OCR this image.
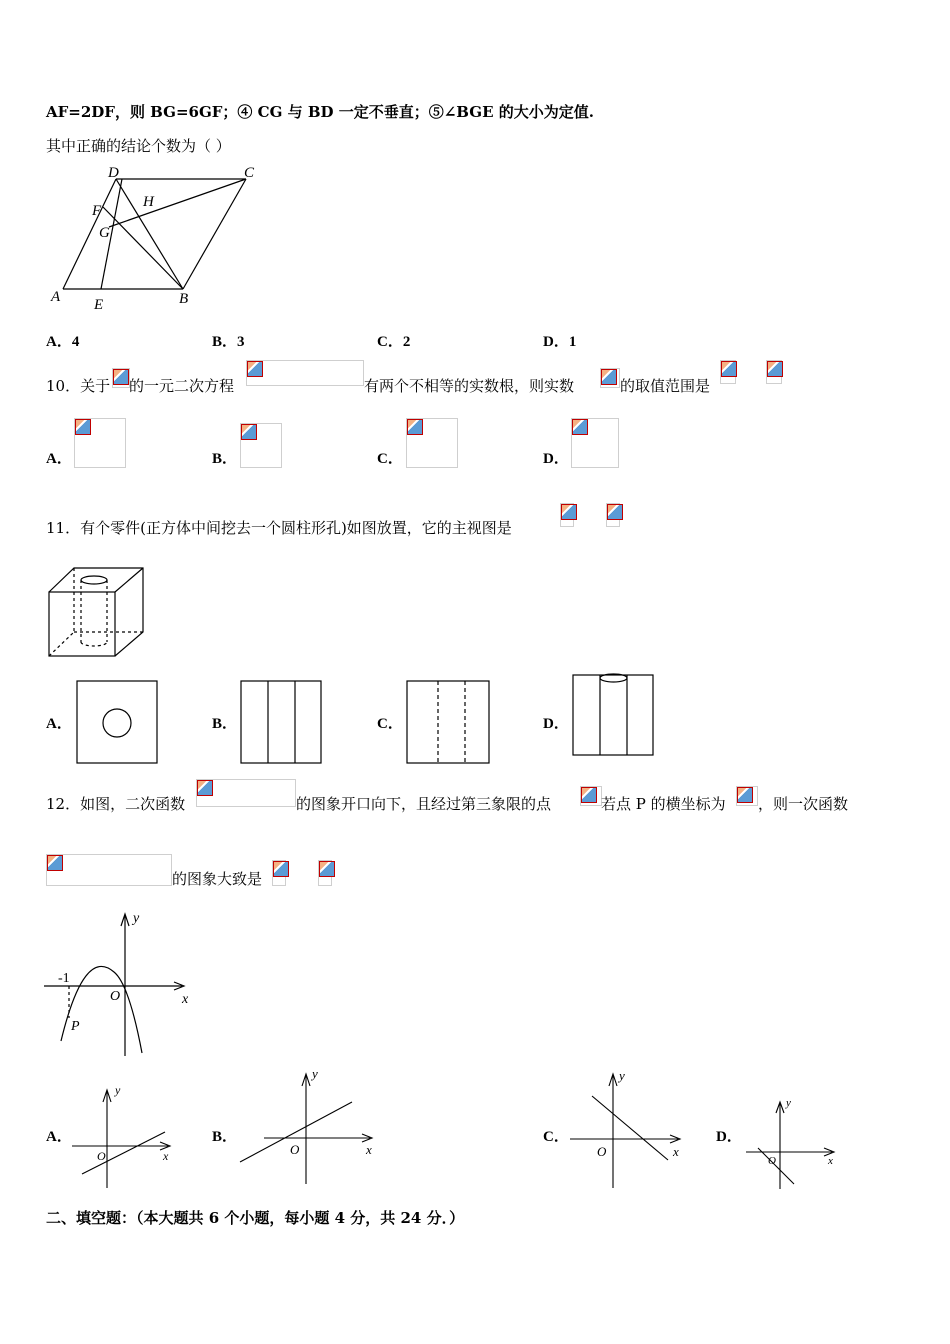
AF=2DF，则 BG=6GF；④ CG 与 BD 一定不垂直；⑤∠BGE 的大小为定值.
其中正确的结论个数为（ ）
D	C
F
H
G
A E	B
A．4	B．3	C．2	D．1
10．关于 的一元二次方程	有两个不相等的实数根，则实数	的取值范围是
A．	B．	C．	D．
11．有个零件(正方体中间挖去一个圆柱形孔)如图放置，它的主视图是
A．	B．	C．	D．
12．如图，二次函数	的图象开口向下，且经过第三象限的点	若点 P 的横坐标为 ，则一次函数
的图象大致是
y
x
O
-1
P
A．
y
x
O
B．
y
x
O
C．
y
x
O
D．
y
x
O
二、填空题：（本大题共 6 个小题，每小题 4 分，共 24 分．）
